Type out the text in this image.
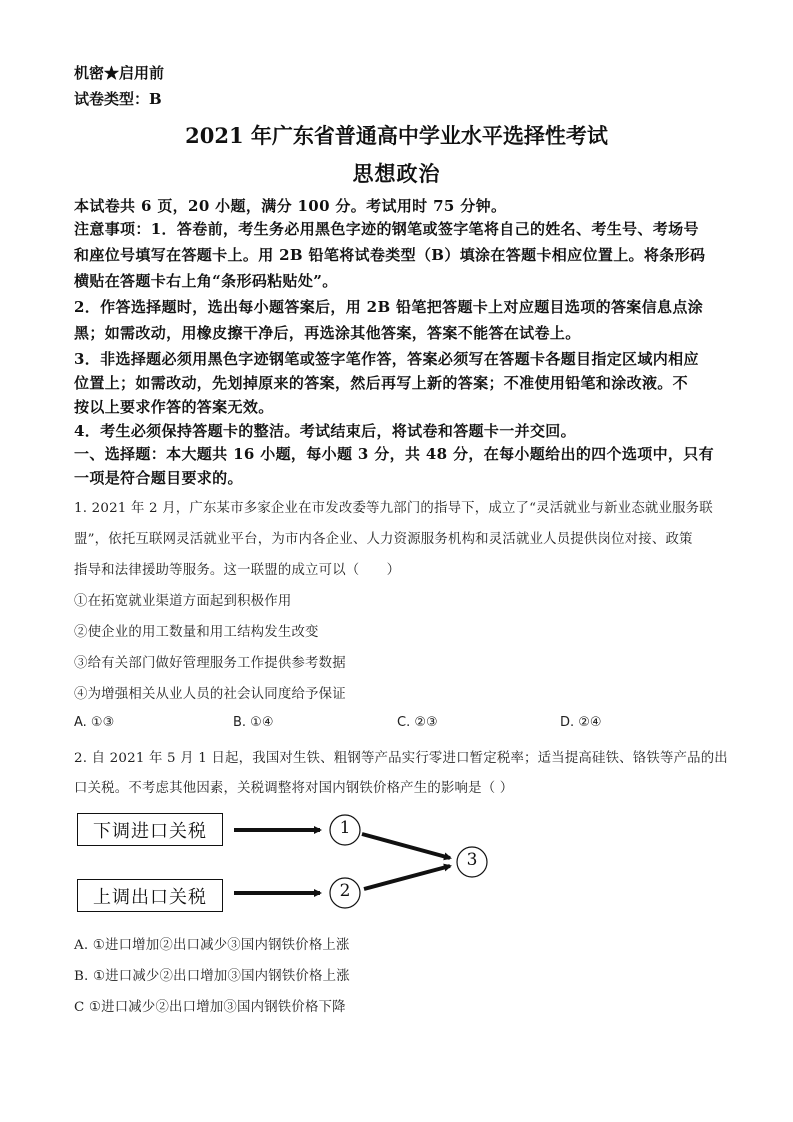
机密★启用前
试卷类型：B
2021 年广东省普通高中学业水平选择性考试
思想政治
本试卷共 6 页，20 小题，满分 100 分。考试用时 75 分钟。
注意事项：1．答卷前，考生务必用黑色字迹的钢笔或签字笔将自己的姓名、考生号、考场号
和座位号填写在答题卡上。用 2B 铅笔将试卷类型（B）填涂在答题卡相应位置上。将条形码
横贴在答题卡右上角“条形码粘贴处”。
2．作答选择题时，选出每小题答案后，用 2B 铅笔把答题卡上对应题目选项的答案信息点涂
黑；如需改动，用橡皮擦干净后，再选涂其他答案，答案不能答在试卷上。
3．非选择题必须用黑色字迹钢笔或签字笔作答，答案必须写在答题卡各题目指定区域内相应
位置上；如需改动，先划掉原来的答案，然后再写上新的答案；不准使用铅笔和涂改液。不
按以上要求作答的答案无效。
4．考生必须保持答题卡的整洁。考试结束后，将试卷和答题卡一并交回。
一、选择题：本大题共 16 小题，每小题 3 分，共 48 分，在每小题给出的四个选项中，只有
一项是符合题目要求的。
1. 2021 年 2 月，广东某市多家企业在市发改委等九部门的指导下，成立了“灵活就业与新业态就业服务联
盟”，依托互联网灵活就业平台，为市内各企业、人力资源服务机构和灵活就业人员提供岗位对接、政策
指导和法律援助等服务。这一联盟的成立可以（　　）
①在拓宽就业渠道方面起到积极作用
②使企业的用工数量和用工结构发生改变
③给有关部门做好管理服务工作提供参考数据
④为增强相关从业人员的社会认同度给予保证
A. ①③	B. ①④	C. ②③	D. ②④
2. 自 2021 年 5 月 1 日起，我国对生铁、粗钢等产品实行零进口暂定税率；适当提高硅铁、铬铁等产品的出
口关税。不考虑其他因素，关税调整将对国内钢铁价格产生的影响是（ ）
下调进口关税
上调出口关税
1
2
3
A. ①进口增加②出口减少③国内钢铁价格上涨
B. ①进口减少②出口增加③国内钢铁价格上涨
C ①进口减少②出口增加③国内钢铁价格下降
